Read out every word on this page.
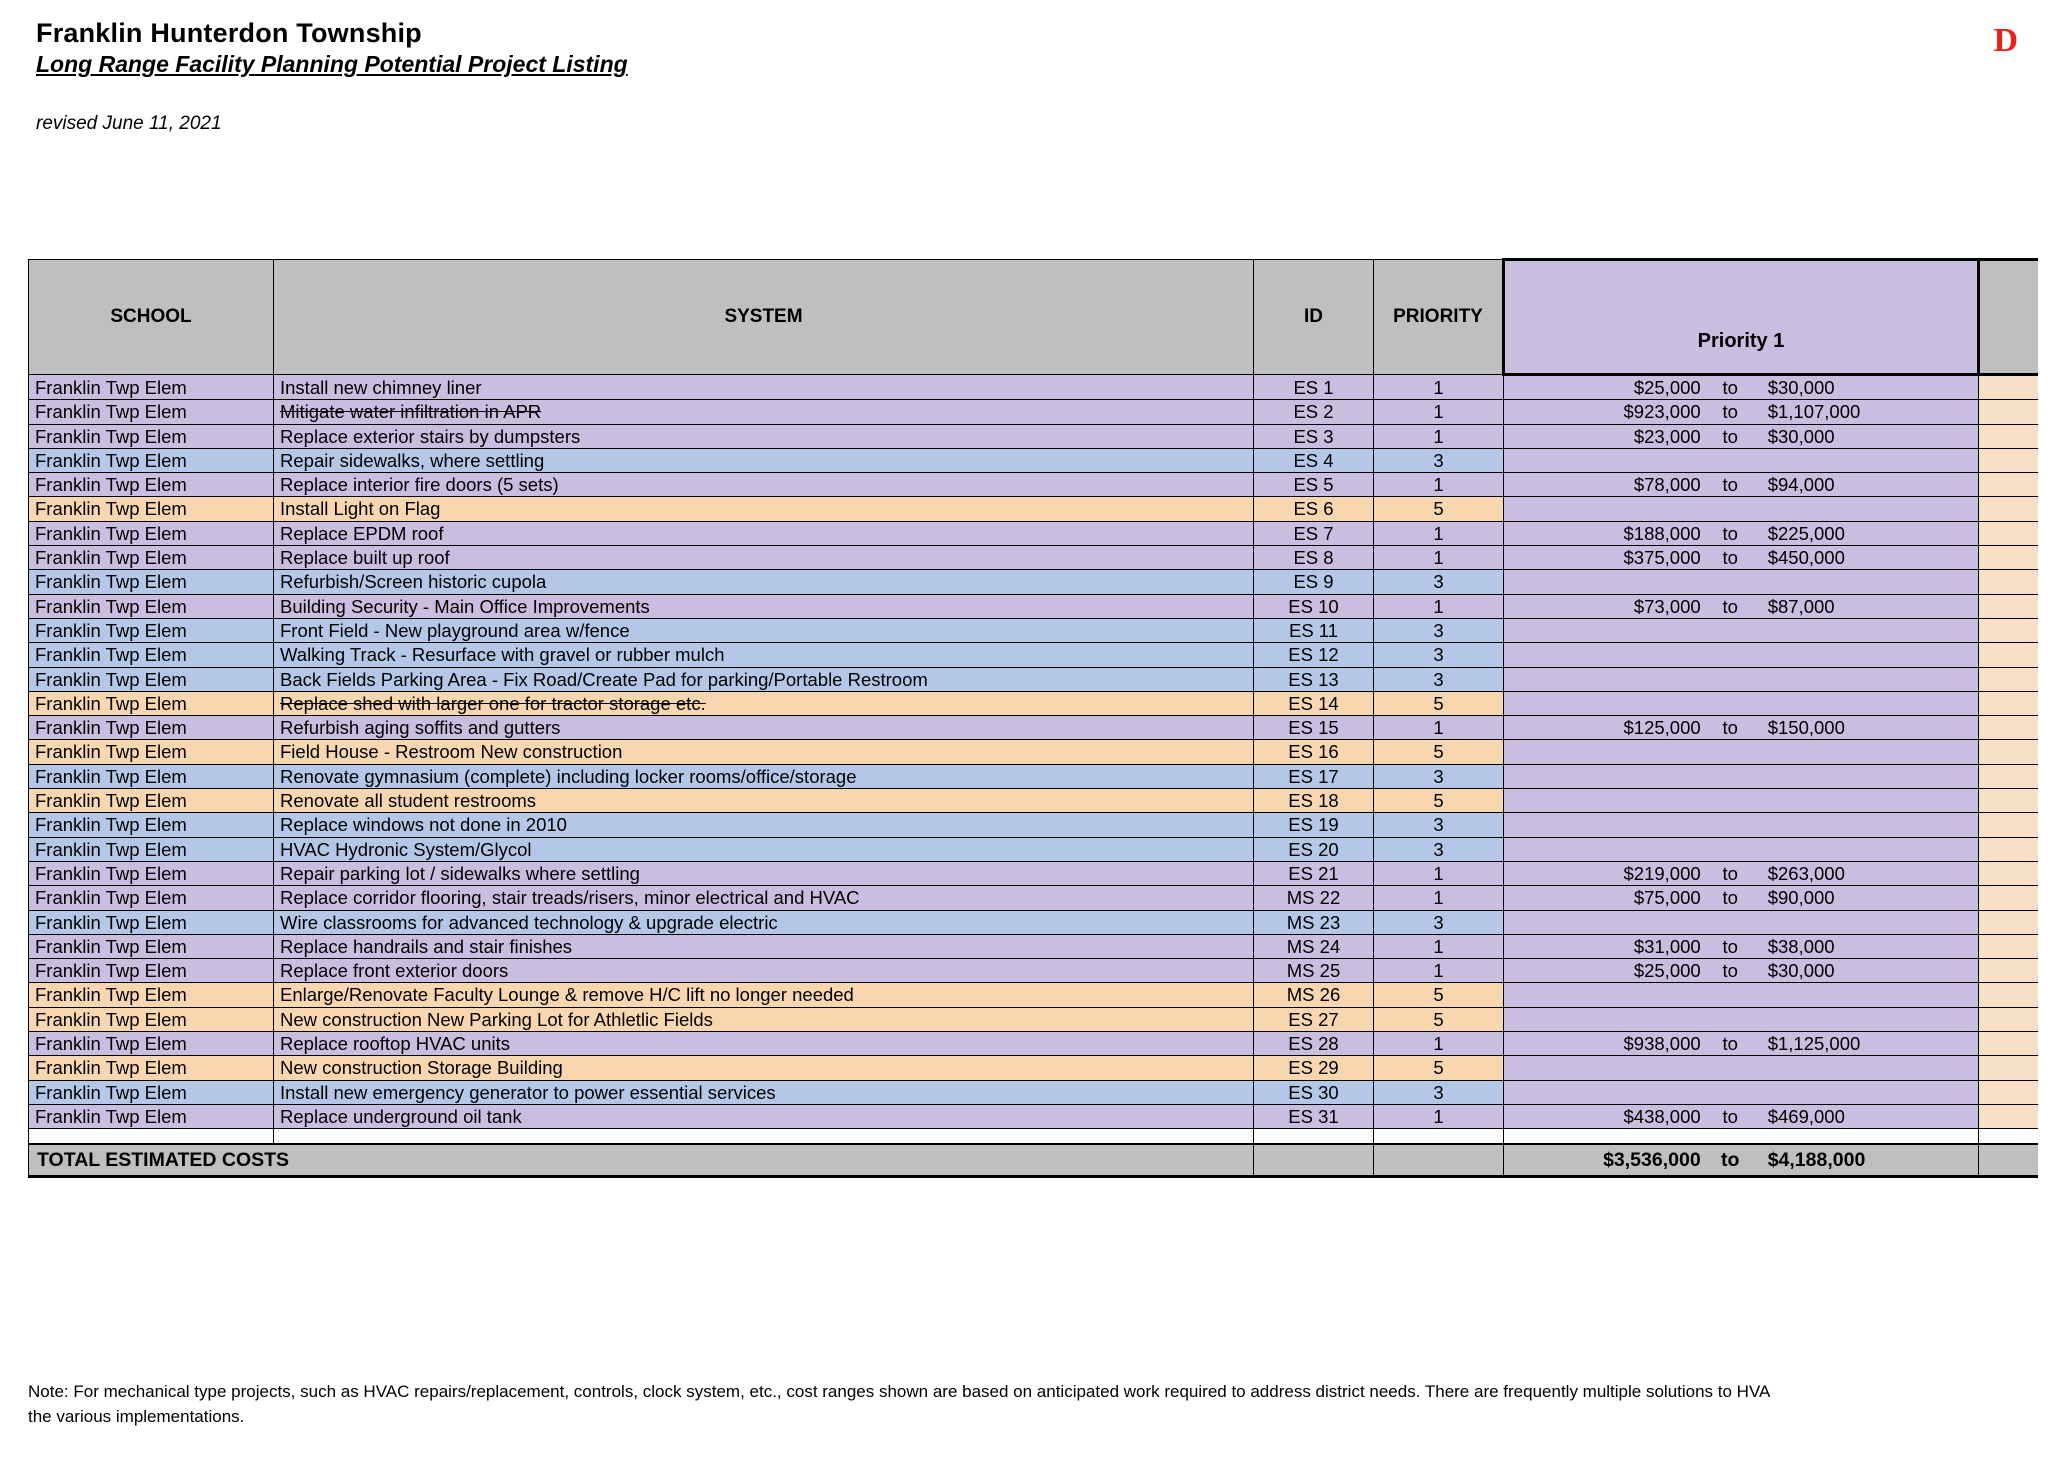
Franklin Hunterdon Township
Long Range Facility Planning Potential Project Listing
revised June 11, 2021
D
SCHOOL	SYSTEM	ID	PRIORITY	Priority 1	
Franklin Twp Elem	Install new chimney liner	ES 1	1	$25,000 to $30,000	

Franklin Twp Elem	Mitigate water infiltration in APR	ES 2	1	$923,000 to $1,107,000	

Franklin Twp Elem	Replace exterior stairs by dumpsters	ES 3	1	$23,000 to $30,000	

Franklin Twp Elem	Repair sidewalks, where settling	ES 4	3	

Franklin Twp Elem	Replace interior fire doors (5 sets)	ES 5	1	$78,000 to $94,000	

Franklin Twp Elem	Install Light on Flag	ES 6	5	

Franklin Twp Elem	Replace EPDM roof	ES 7	1	$188,000 to $225,000	

Franklin Twp Elem	Replace built up roof	ES 8	1	$375,000 to $450,000	

Franklin Twp Elem	Refurbish/Screen historic cupola	ES 9	3	

Franklin Twp Elem	Building Security - Main Office Improvements	ES 10	1	$73,000 to $87,000	

Franklin Twp Elem	Front Field - New playground area w/fence	ES 11	3	

Franklin Twp Elem	Walking Track - Resurface with gravel or rubber mulch	ES 12	3	

Franklin Twp Elem	Back Fields Parking Area - Fix Road/Create Pad for parking/Portable Restroom	ES 13	3	

Franklin Twp Elem	Replace shed with larger one for tractor storage etc.	ES 14	5	

Franklin Twp Elem	Refurbish aging soffits and gutters	ES 15	1	$125,000 to $150,000	

Franklin Twp Elem	Field House - Restroom New construction	ES 16	5	

Franklin Twp Elem	Renovate gymnasium (complete) including locker rooms/office/storage	ES 17	3	

Franklin Twp Elem	Renovate all student restrooms	ES 18	5	

Franklin Twp Elem	Replace windows not done in 2010	ES 19	3	

Franklin Twp Elem	HVAC Hydronic System/Glycol	ES 20	3	

Franklin Twp Elem	Repair parking lot / sidewalks where settling	ES 21	1	$219,000 to $263,000	

Franklin Twp Elem	Replace corridor flooring, stair treads/risers, minor electrical and HVAC	MS 22	1	$75,000 to $90,000	

Franklin Twp Elem	Wire classrooms for advanced technology & upgrade electric	MS 23	3	

Franklin Twp Elem	Replace handrails and stair finishes	MS 24	1	$31,000 to $38,000	

Franklin Twp Elem	Replace front exterior doors	MS 25	1	$25,000 to $30,000	

Franklin Twp Elem	Enlarge/Renovate Faculty Lounge & remove H/C lift no longer needed	MS 26	5	

Franklin Twp Elem	New construction New Parking Lot for Athletlic Fields	ES 27	5	

Franklin Twp Elem	Replace rooftop HVAC units	ES 28	1	$938,000 to $1,125,000	

Franklin Twp Elem	New construction Storage Building	ES 29	5	

Franklin Twp Elem	Install new emergency generator to power essential services	ES 30	3	

Franklin Twp Elem	Replace underground oil tank	ES 31	1	$438,000 to $469,000	

TOTAL ESTIMATED COSTS				$3,536,000 to $4,188,000	

Note: For mechanical type projects, such as HVAC repairs/replacement, controls, clock system, etc., cost ranges shown are based on anticipated work required to address district needs. There are frequently multiple solutions to HVA
the various implementations.
